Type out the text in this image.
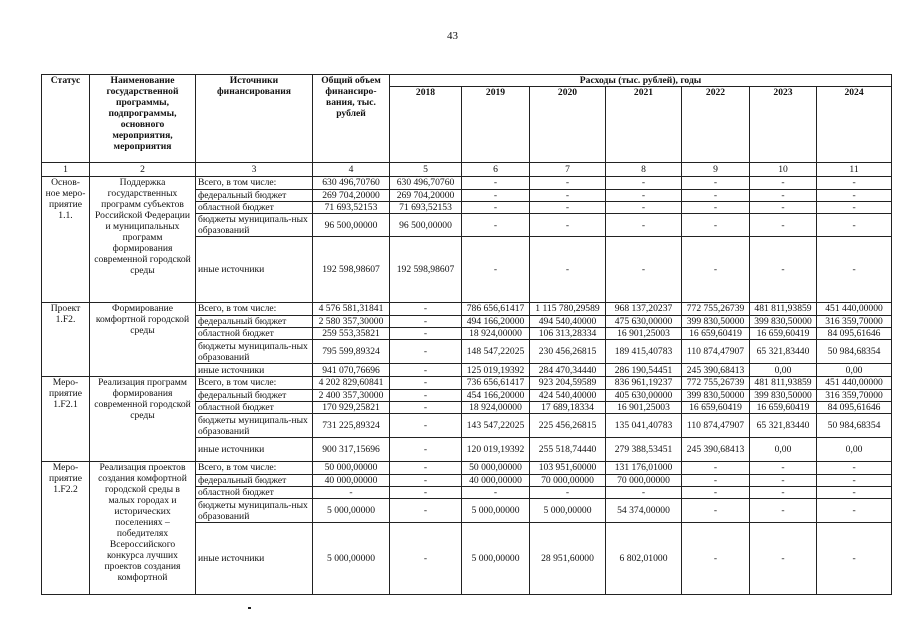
43
Статус	Наименование государственной программы, подпрограммы, основного мероприятия, мероприятия	Источники финансирования	Общий объем финансиро-вания, тыс. рублей	Расходы (тыс. рублей), годы						
				2018	2019	2020	2021	2022	2023	2024
1	2	3	4	5	6	7	8	9	10	11
Основ-ное меро-приятие 1.1.	Поддержка государственных программ субъектов Российской Федерации и муниципальных программ формирования современной городской среды	Всего, в том числе:	630 496,70760	630 496,70760	-	-	-	-	-	-
		федеральный бюджет	269 704,20000	269 704,20000	-	-	-	-	-	-
		областной бюджет	71 693,52153	71 693,52153	-	-	-	-	-	-
		бюджеты муниципаль-ных образований	96 500,00000	96 500,00000	-	-	-	-	-	-
		иные источники	192 598,98607	192 598,98607	-	-	-	-	-	-
Проект 1.F2.	Формирование комфортной городской среды	Всего, в том числе:	4 576 581,31841	-	786 656,61417	1 115 780,29589	968 137,20237	772 755,26739	481 811,93859	451 440,00000
		федеральный бюджет	2 580 357,30000	-	494 166,20000	494 540,40000	475 630,00000	399 830,50000	399 830,50000	316 359,70000
		областной бюджет	259 553,35821	-	18 924,00000	106 313,28334	16 901,25003	16 659,60419	16 659,60419	84 095,61646
		бюджеты муниципаль-ных образований	795 599,89324	-	148 547,22025	230 456,26815	189 415,40783	110 874,47907	65 321,83440	50 984,68354
		иные источники	941 070,76696	-	125 019,19392	284 470,34440	286 190,54451	245 390,68413	0,00	0,00
Меро-приятие 1.F2.1	Реализация программ формирования современной городской среды	Всего, в том числе:	4 202 829,60841	-	736 656,61417	923 204,59589	836 961,19237	772 755,26739	481 811,93859	451 440,00000
		федеральный бюджет	2 400 357,30000	-	454 166,20000	424 540,40000	405 630,00000	399 830,50000	399 830,50000	316 359,70000
		областной бюджет	170 929,25821	-	18 924,00000	17 689,18334	16 901,25003	16 659,60419	16 659,60419	84 095,61646
		бюджеты муниципаль-ных образований	731 225,89324	-	143 547,22025	225 456,26815	135 041,40783	110 874,47907	65 321,83440	50 984,68354
		иные источники	900 317,15696	-	120 019,19392	255 518,74440	279 388,53451	245 390,68413	0,00	0,00
Меро-приятие 1.F2.2	Реализация проектов создания комфортной городской среды в малых городах и исторических поселениях – победителях Всероссийского конкурса лучших проектов создания комфортной	Всего, в том числе:	50 000,00000	-	50 000,00000	103 951,60000	131 176,01000	-	-	-
		федеральный бюджет	40 000,00000	-	40 000,00000	70 000,00000	70 000,00000	-	-	-
		областной бюджет	-	-	-	-	-	-	-	-
		бюджеты муниципаль-ных образований	5 000,00000	-	5 000,00000	5 000,00000	54 374,00000	-	-	-
		иные источники	5 000,00000	-	5 000,00000	28 951,60000	6 802,01000	-	-	-
